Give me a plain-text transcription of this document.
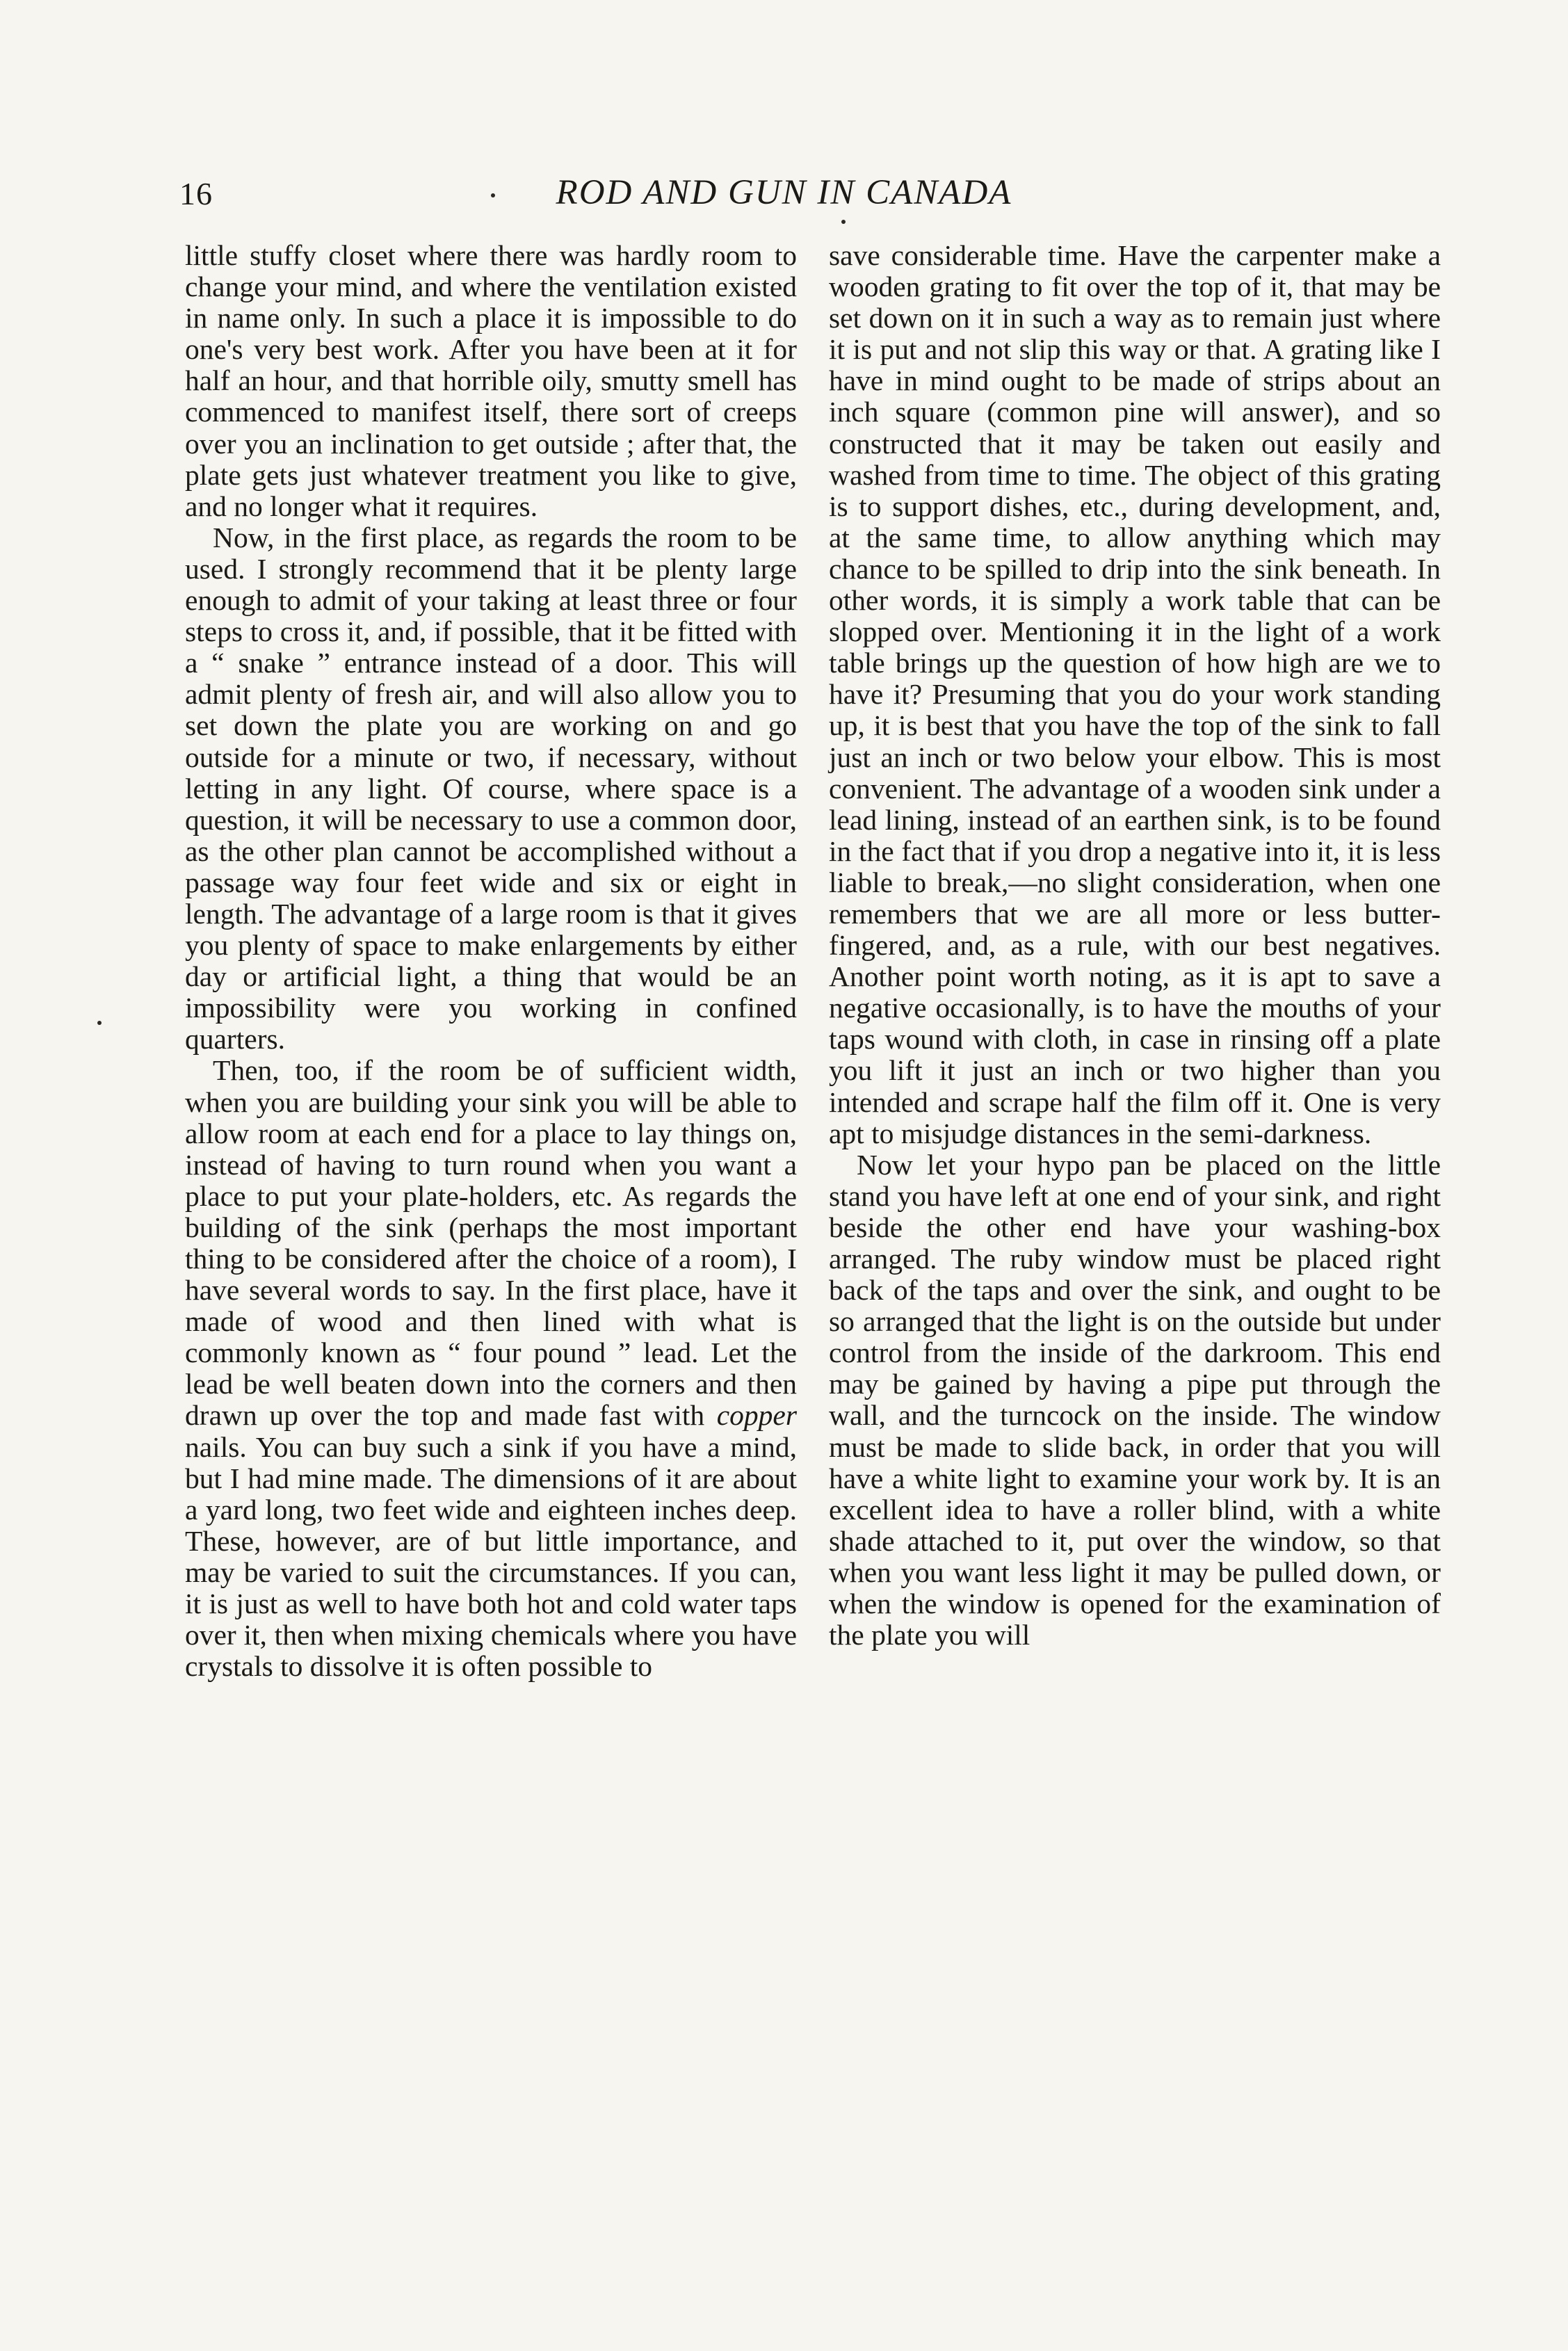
16	ROD AND GUN IN CANADA

little stuffy closet where there was hardly room to change your mind, and where the ventilation existed in name only. In such a place it is impossible to do one's very best work. After you have been at it for half an hour, and that horrible oily, smutty smell has commenced to manifest itself, there sort of creeps over you an inclination to get outside ; after that, the plate gets just whatever treatment you like to give, and no longer what it requires.

Now, in the first place, as regards the room to be used. I strongly recommend that it be plenty large enough to admit of your taking at least three or four steps to cross it, and, if possible, that it be fitted with a “ snake ” entrance instead of a door. This will admit plenty of fresh air, and will also allow you to set down the plate you are working on and go outside for a minute or two, if necessary, without letting in any light. Of course, where space is a question, it will be necessary to use a common door, as the other plan cannot be accomplished without a passage way four feet wide and six or eight in length. The advantage of a large room is that it gives you plenty of space to make enlargements by either day or artificial light, a thing that would be an impossibility were you working in confined quarters.

Then, too, if the room be of sufficient width, when you are building your sink you will be able to allow room at each end for a place to lay things on, instead of having to turn round when you want a place to put your plate-holders, etc. As regards the building of the sink (perhaps the most important thing to be considered after the choice of a room), I have several words to say. In the first place, have it made of wood and then lined with what is commonly known as “ four pound ” lead. Let the lead be well beaten down into the corners and then drawn up over the top and made fast with copper nails. You can buy such a sink if you have a mind, but I had mine made. The dimensions of it are about a yard long, two feet wide and eighteen inches deep. These, however, are of but little importance, and may be varied to suit the circumstances. If you can, it is just as well to have both hot and cold water taps over it, then when mixing chemicals where you have crystals to dissolve it is often possible to

save considerable time. Have the carpenter make a wooden grating to fit over the top of it, that may be set down on it in such a way as to remain just where it is put and not slip this way or that. A grating like I have in mind ought to be made of strips about an inch square (common pine will answer), and so constructed that it may be taken out easily and washed from time to time. The object of this grating is to support dishes, etc., during development, and, at the same time, to allow anything which may chance to be spilled to drip into the sink beneath. In other words, it is simply a work table that can be slopped over. Mentioning it in the light of a work table brings up the question of how high are we to have it? Presuming that you do your work standing up, it is best that you have the top of the sink to fall just an inch or two below your elbow. This is most convenient. The advantage of a wooden sink under a lead lining, instead of an earthen sink, is to be found in the fact that if you drop a negative into it, it is less liable to break,—no slight consideration, when one remembers that we are all more or less butter-fingered, and, as a rule, with our best negatives. Another point worth noting, as it is apt to save a negative occasionally, is to have the mouths of your taps wound with cloth, in case in rinsing off a plate you lift it just an inch or two higher than you intended and scrape half the film off it. One is very apt to misjudge distances in the semi-darkness.

Now let your hypo pan be placed on the little stand you have left at one end of your sink, and right beside the other end have your washing-box arranged. The ruby window must be placed right back of the taps and over the sink, and ought to be so arranged that the light is on the outside but under control from the inside of the darkroom. This end may be gained by having a pipe put through the wall, and the turncock on the inside. The window must be made to slide back, in order that you will have a white light to examine your work by. It is an excellent idea to have a roller blind, with a white shade attached to it, put over the window, so that when you want less light it may be pulled down, or when the window is opened for the examination of the plate you will
